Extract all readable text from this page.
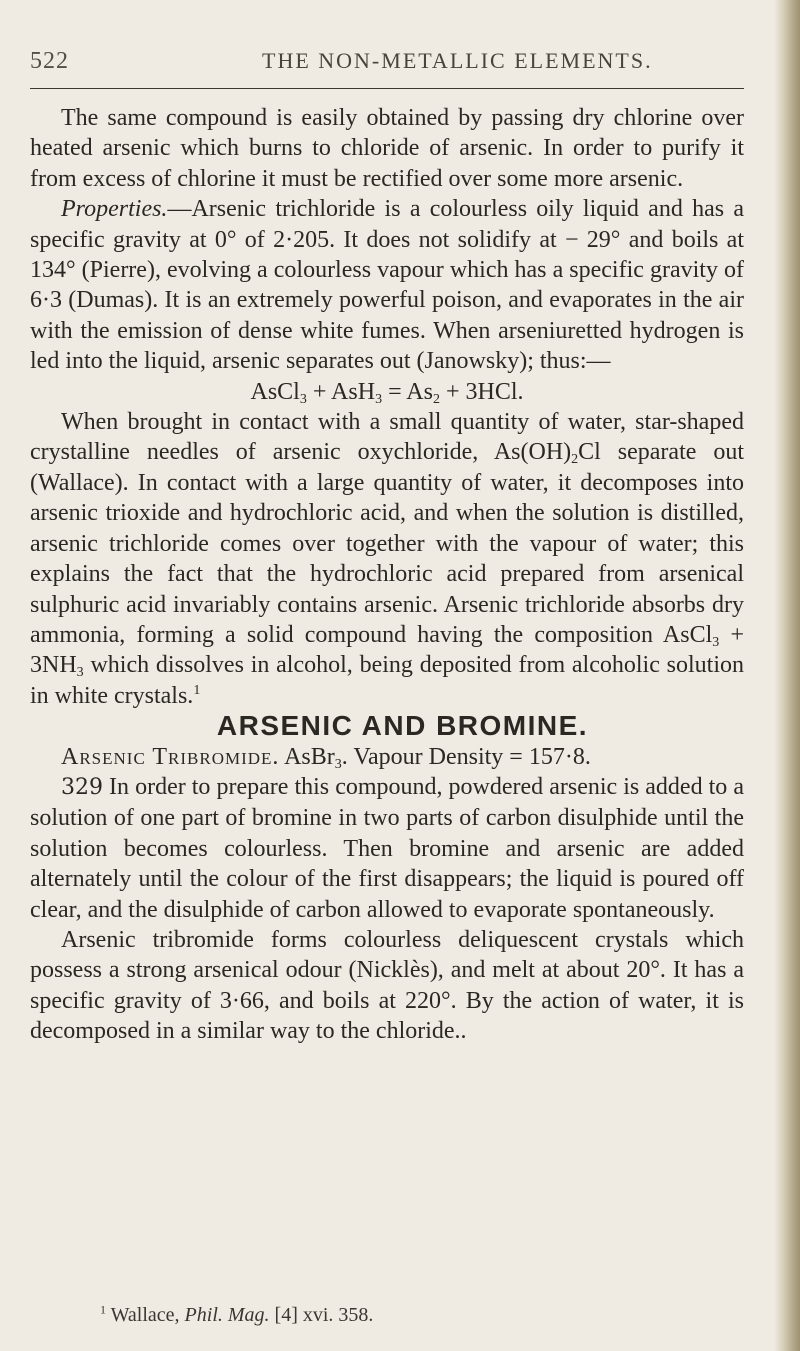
522	THE NON-METALLIC ELEMENTS.

The same compound is easily obtained by passing dry chlorine over heated arsenic which burns to chloride of arsenic. In order to purify it from excess of chlorine it must be rectified over some more arsenic.

Properties.—Arsenic trichloride is a colourless oily liquid and has a specific gravity at 0° of 2·205. It does not solidify at − 29° and boils at 134° (Pierre), evolving a colourless vapour which has a specific gravity of 6·3 (Dumas). It is an extremely powerful poison, and evaporates in the air with the emission of dense white fumes. When arseniuretted hydrogen is led into the liquid, arsenic separates out (Janowsky); thus:—

AsCl$_3$ + $AsH_3 = As_2 + 3HCl$.

When brought in contact with a small quantity of water, star-shaped crystalline needles of arsenic oxychloride, $As(OH)_2Cl$ separate out (Wallace). In contact with a large quantity of water, it decomposes into arsenic trioxide and hydrochloric acid, and when the solution is distilled, arsenic trichloride comes over together with the vapour of water; this explains the fact that the hydrochloric acid prepared from arsenical sulphuric acid invariably contains arsenic. Arsenic trichloride absorbs dry ammonia, forming a solid compound having the composition AsCl$_3$ + $3NH_3$ which dissolves in alcohol, being deposited from alcoholic solution in white crystals.$^1$

ARSENIC AND BROMINE.

Arsenic Tribromide. AsBr$_3$. Vapour Density = 157·8.

329 In order to prepare this compound, powdered arsenic is added to a solution of one part of bromine in two parts of carbon disulphide until the solution becomes colourless. Then bromine and arsenic are added alternately until the colour of the first disappears; the liquid is poured off clear, and the disulphide of carbon allowed to evaporate spontaneously.

Arsenic tribromide forms colourless deliquescent crystals which possess a strong arsenical odour (Nicklès), and melt at about 20°. It has a specific gravity of 3·66, and boils at 220°. By the action of water, it is decomposed in a similar way to the chloride..

$^1$ Wallace, Phil. Mag. [4] xvi. 358.
